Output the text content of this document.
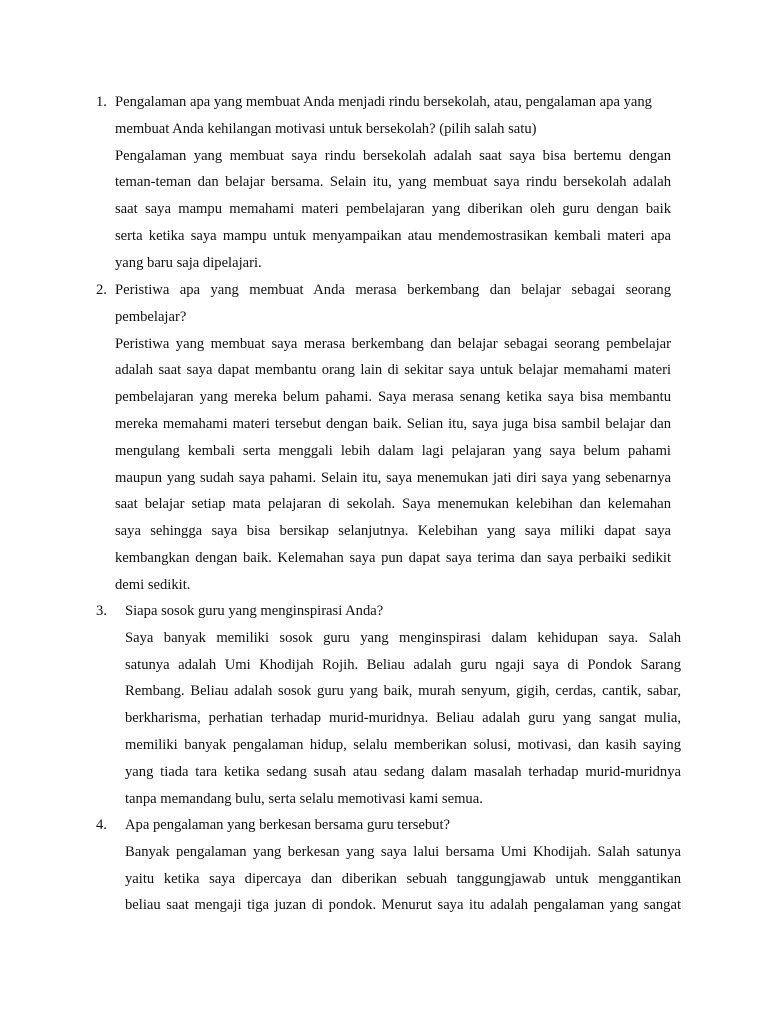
1. Pengalaman apa yang membuat Anda menjadi rindu bersekolah, atau, pengalaman apa yang
membuat Anda kehilangan motivasi untuk bersekolah? (pilih salah satu)
Pengalaman yang membuat saya rindu bersekolah adalah saat saya bisa bertemu dengan
teman-teman dan belajar bersama. Selain itu, yang membuat saya rindu bersekolah adalah
saat saya mampu memahami materi pembelajaran yang diberikan oleh guru dengan baik
serta ketika saya mampu untuk menyampaikan atau mendemostrasikan kembali materi apa
yang baru saja dipelajari.
2. Peristiwa apa yang membuat Anda merasa berkembang dan belajar sebagai seorang
pembelajar?
Peristiwa yang membuat saya merasa berkembang dan belajar sebagai seorang pembelajar
adalah saat saya dapat membantu orang lain di sekitar saya untuk belajar memahami materi
pembelajaran yang mereka belum pahami. Saya merasa senang ketika saya bisa membantu
mereka memahami materi tersebut dengan baik. Selian itu, saya juga bisa sambil belajar dan
mengulang kembali serta menggali lebih dalam lagi pelajaran yang saya belum pahami
maupun yang sudah saya pahami. Selain itu, saya menemukan jati diri saya yang sebenarnya
saat belajar setiap mata pelajaran di sekolah. Saya menemukan kelebihan dan kelemahan
saya sehingga saya bisa bersikap selanjutnya. Kelebihan yang saya miliki dapat saya
kembangkan dengan baik. Kelemahan saya pun dapat saya terima dan saya perbaiki sedikit
demi sedikit.
3. Siapa sosok guru yang menginspirasi Anda?
Saya banyak memiliki sosok guru yang menginspirasi dalam kehidupan saya. Salah
satunya adalah Umi Khodijah Rojih. Beliau adalah guru ngaji saya di Pondok Sarang
Rembang. Beliau adalah sosok guru yang baik, murah senyum, gigih, cerdas, cantik, sabar,
berkharisma, perhatian terhadap murid-muridnya. Beliau adalah guru yang sangat mulia,
memiliki banyak pengalaman hidup, selalu memberikan solusi, motivasi, dan kasih saying
yang tiada tara ketika sedang susah atau sedang dalam masalah terhadap murid-muridnya
tanpa memandang bulu, serta selalu memotivasi kami semua.
4. Apa pengalaman yang berkesan bersama guru tersebut?
Banyak pengalaman yang berkesan yang saya lalui bersama Umi Khodijah. Salah satunya
yaitu ketika saya dipercaya dan diberikan sebuah tanggungjawab untuk menggantikan
beliau saat mengaji tiga juzan di pondok. Menurut saya itu adalah pengalaman yang sangat
